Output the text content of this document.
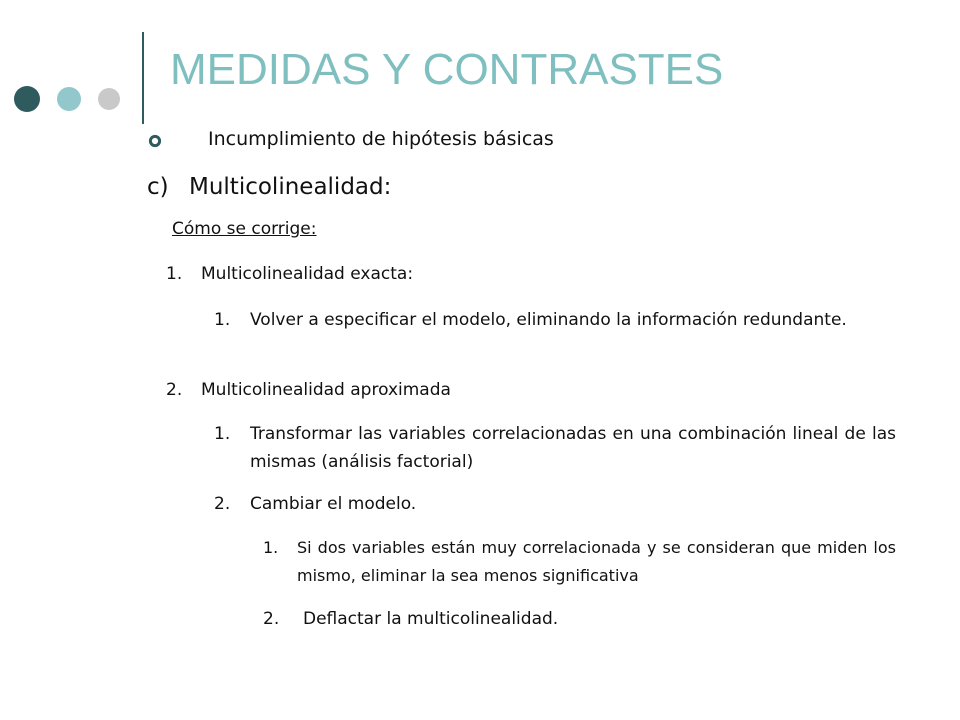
MEDIDAS Y CONTRASTES
Incumplimiento de hipótesis básicas
c) Multicolinealidad:
Cómo se corrige:
1.	Multicolinealidad exacta:
1.	Volver a especificar el modelo, eliminando la información redundante.
2.	Multicolinealidad aproximada
1.	Transformar las variables correlacionadas en una combinación lineal de las mismas (análisis factorial)
2.	Cambiar el modelo.
1.	Si dos variables están muy correlacionada y se consideran que miden los mismo, eliminar la sea menos significativa
2.	Deflactar la multicolinealidad.
